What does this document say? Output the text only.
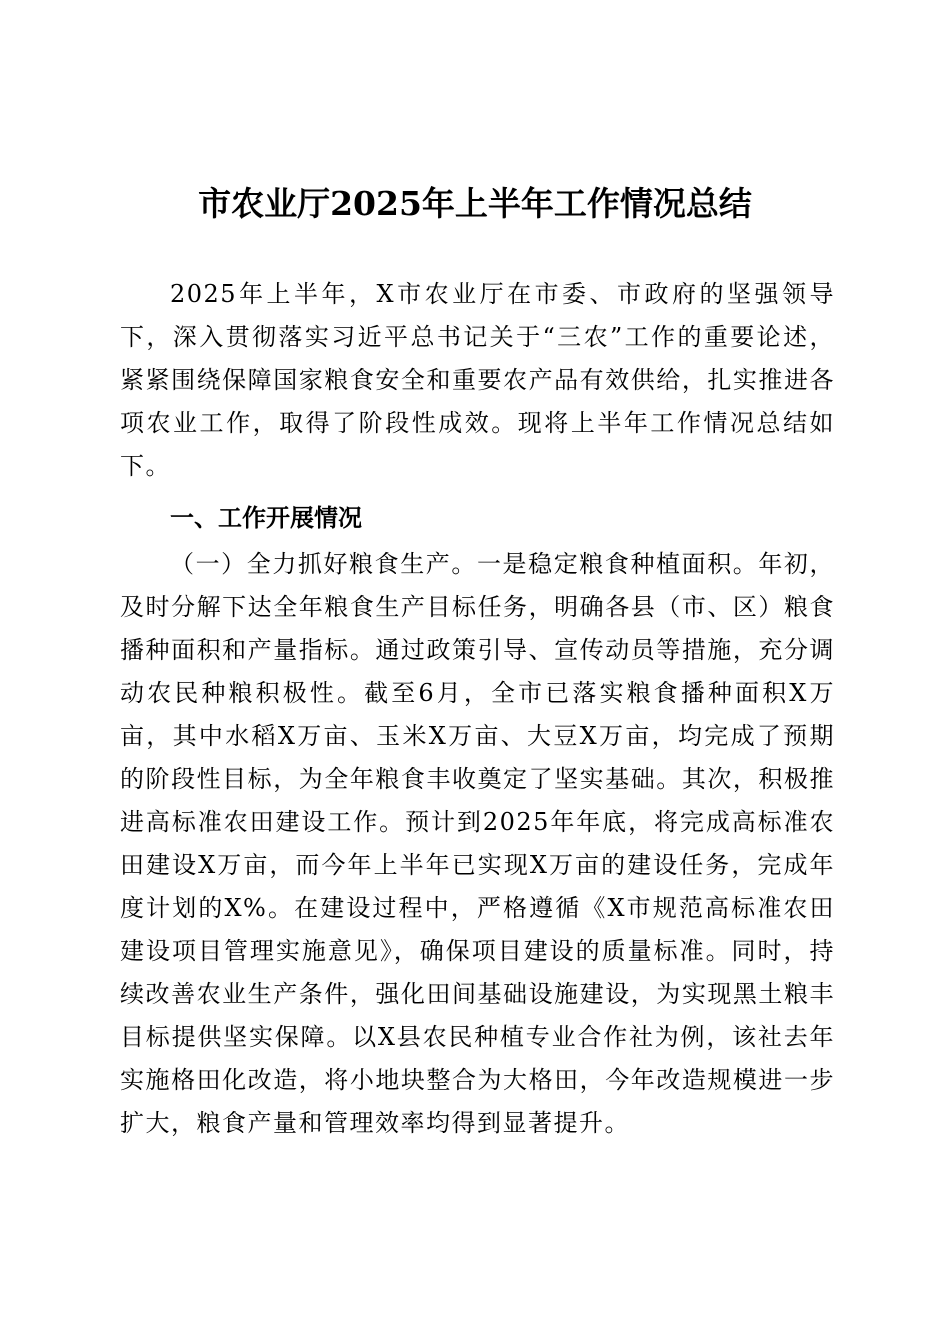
市农业厅2025年上半年工作情况总结
2025年上半年，X市农业厅在市委、市政府的坚强领导下，深入贯彻落实习近平总书记关于“三农”工作的重要论述，紧紧围绕保障国家粮食安全和重要农产品有效供给，扎实推进各项农业工作，取得了阶段性成效。现将上半年工作情况总结如下。
一、工作开展情况
（一）全力抓好粮食生产。一是稳定粮食种植面积。年初，及时分解下达全年粮食生产目标任务，明确各县（市、区）粮食播种面积和产量指标。通过政策引导、宣传动员等措施，充分调动农民种粮积极性。截至6月，全市已落实粮食播种面积X万亩，其中水稻X万亩、玉米X万亩、大豆X万亩，均完成了预期的阶段性目标，为全年粮食丰收奠定了坚实基础。其次，积极推进高标准农田建设工作。预计到2025年年底，将完成高标准农田建设X万亩，而今年上半年已实现X万亩的建设任务，完成年度计划的X%。在建设过程中，严格遵循《X市规范高标准农田建设项目管理实施意见》，确保项目建设的质量标准。同时，持续改善农业生产条件，强化田间基础设施建设，为实现黑土粮丰目标提供坚实保障。以X县农民种植专业合作社为例，该社去年实施格田化改造，将小地块整合为大格田，今年改造规模进一步扩大，粮食产量和管理效率均得到显著提升。
